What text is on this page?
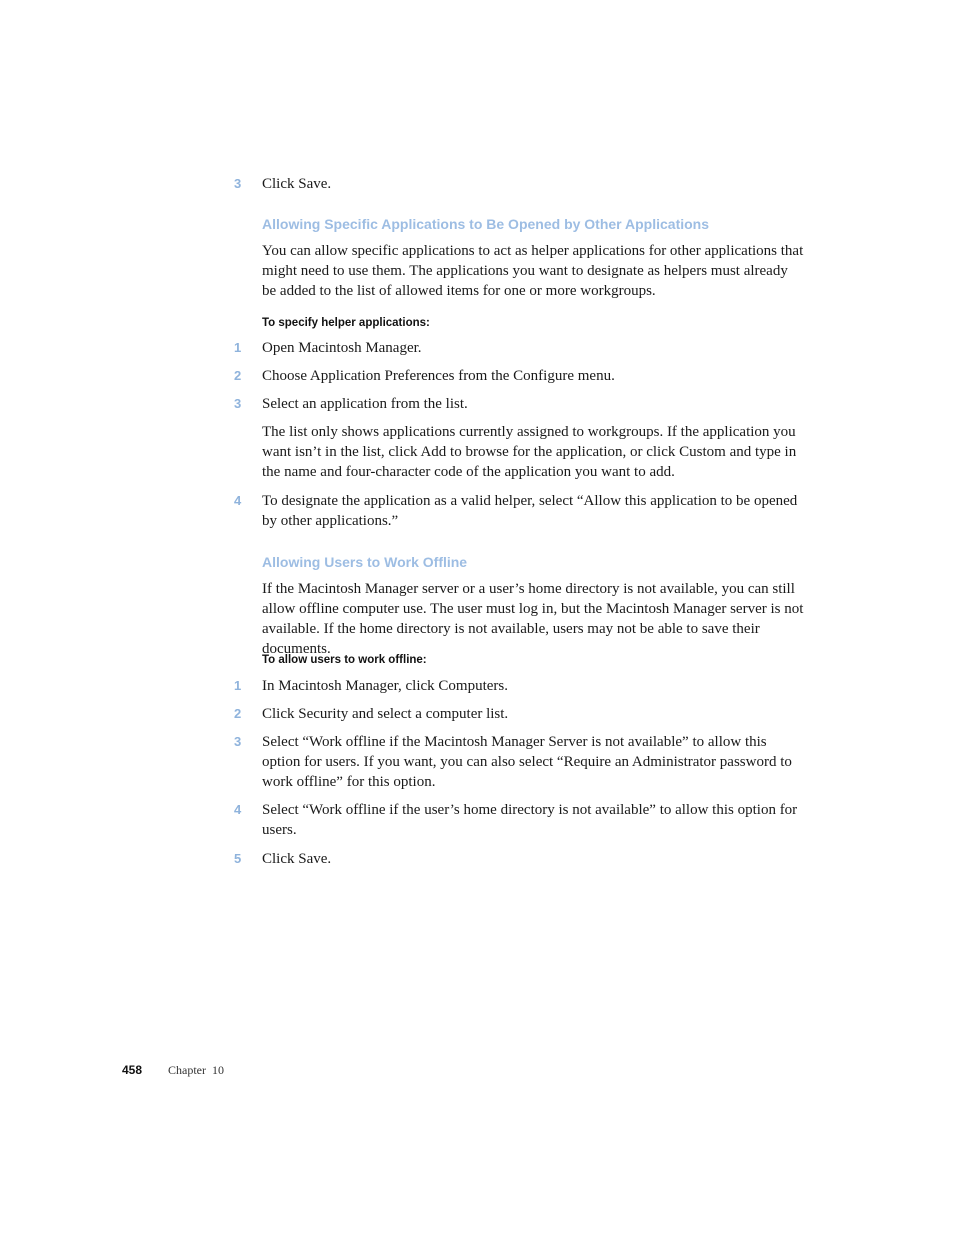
3	Click Save.
Allowing Specific Applications to Be Opened by Other Applications
You can allow specific applications to act as helper applications for other applications that might need to use them. The applications you want to designate as helpers must already be added to the list of allowed items for one or more workgroups.
To specify helper applications:
1	Open Macintosh Manager.
2	Choose Application Preferences from the Configure menu.
3	Select an application from the list.
The list only shows applications currently assigned to workgroups. If the application you want isn’t in the list, click Add to browse for the application, or click Custom and type in the name and four-character code of the application you want to add.
4	To designate the application as a valid helper, select “Allow this application to be opened by other applications.”
Allowing Users to Work Offline
If the Macintosh Manager server or a user’s home directory is not available, you can still allow offline computer use. The user must log in, but the Macintosh Manager server is not available. If the home directory is not available, users may not be able to save their documents.
To allow users to work offline:
1	In Macintosh Manager, click Computers.
2	Click Security and select a computer list.
3	Select “Work offline if the Macintosh Manager Server is not available” to allow this option for users. If you want, you can also select “Require an Administrator password to work offline” for this option.
4	Select “Work offline if the user’s home directory is not available” to allow this option for users.
5	Click Save.
458 Chapter  10
